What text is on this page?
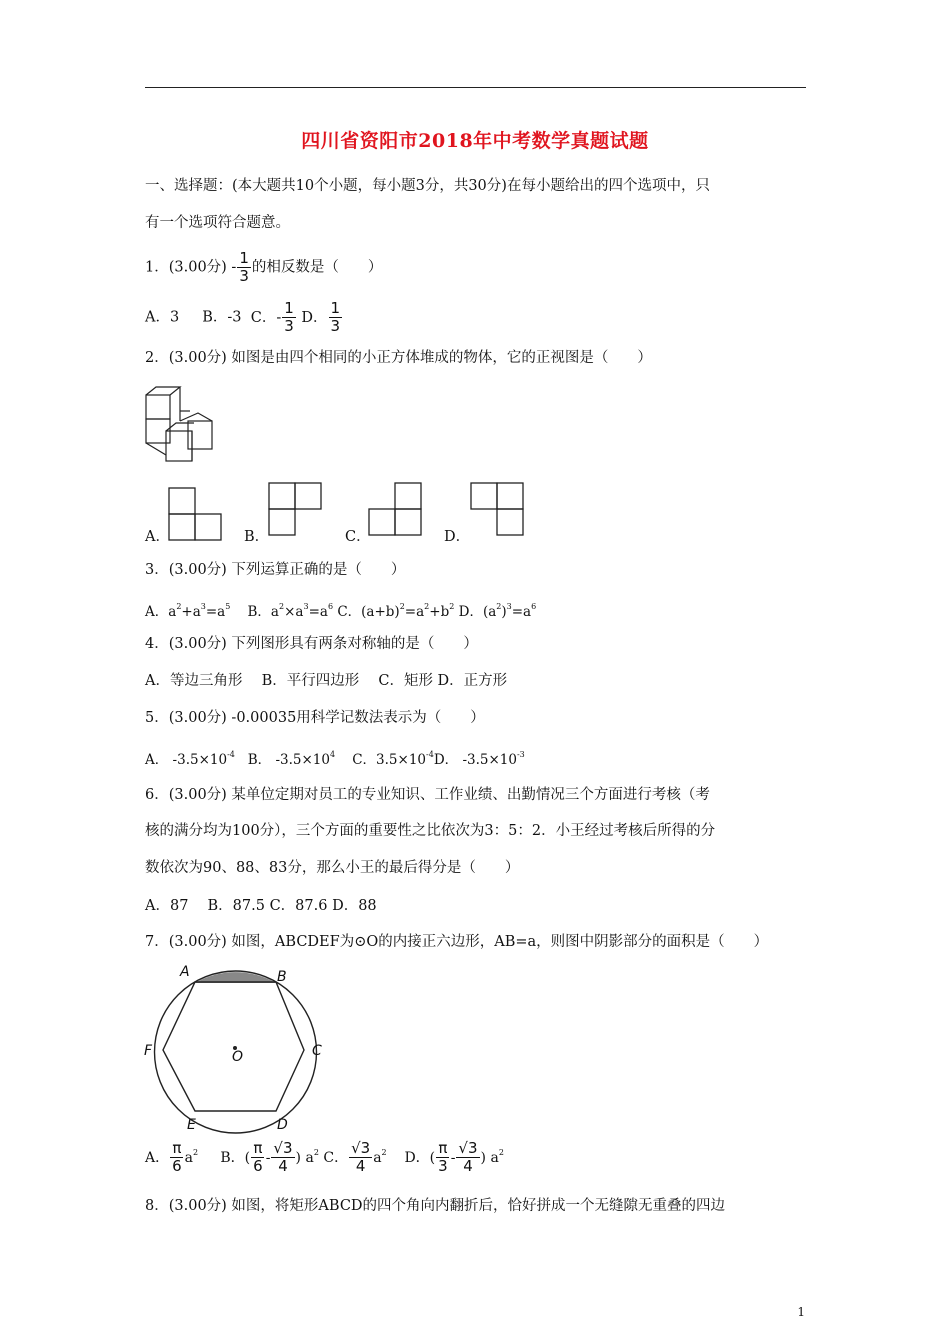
四川省资阳市2018年中考数学真题试题
一、选择题：(本大题共10个小题，每小题3分，共30分)在每小题给出的四个选项中，只
有一个选项符合题意。
1．(3.00分) - $\frac{1}{3}$ 的相反数是（　　）
A．3 B．-3 C．- $\frac{1}{3}$ D． $\frac{1}{3}$
2．(3.00分) 如图是由四个相同的小正方体堆成的物体，它的正视图是（　　）
A．	B．	C．	D．
3．(3.00分) 下列运算正确的是（　　）
A．$a^2+a^3=a^5$ B．$a^2\times a^3=a^6$ C．$(a+b)^2=a^2+b^2$ D．$(a^2)^3=a^6$
4．(3.00分) 下列图形具有两条对称轴的是（　　）
A．等边三角形　 B．平行四边形　 C．矩形 D．正方形
5．(3.00分) -0.00035用科学记数法表示为（　　）
A． $-3.5\times 10^{-4}$   B． $-3.5\times 10^4$    C．$3.5\times 10^{-4}D$． $-3.5\times 10^{-3}$
6．(3.00分) 某单位定期对员工的专业知识、工作业绩、出勤情况三个方面进行考核（考
核的满分均为100分），三个方面的重要性之比依次为3：5：2．小王经过考核后所得的分
数依次为90、88、83分，那么小王的最后得分是（　　）
A．87　 B．87.5 C．87.6 D．88
7．(3.00分) 如图，ABCDEF为⊙O的内接正六边形，AB=a，则图中阴影部分的面积是（　　）
A	B
C
D
E
F	O
A． $\frac{\pi}{6} a^2$ B．( $\frac{\pi}{6} - \frac{√3}{4}$ ) $a^2$ C． $\frac{√3}{4} a^2$ D．( $\frac{\pi}{3} - \frac{√3}{4}$ ) $a^2$
8．(3.00分) 如图，将矩形ABCD的四个角向内翻折后，恰好拼成一个无缝隙无重叠的四边
1
